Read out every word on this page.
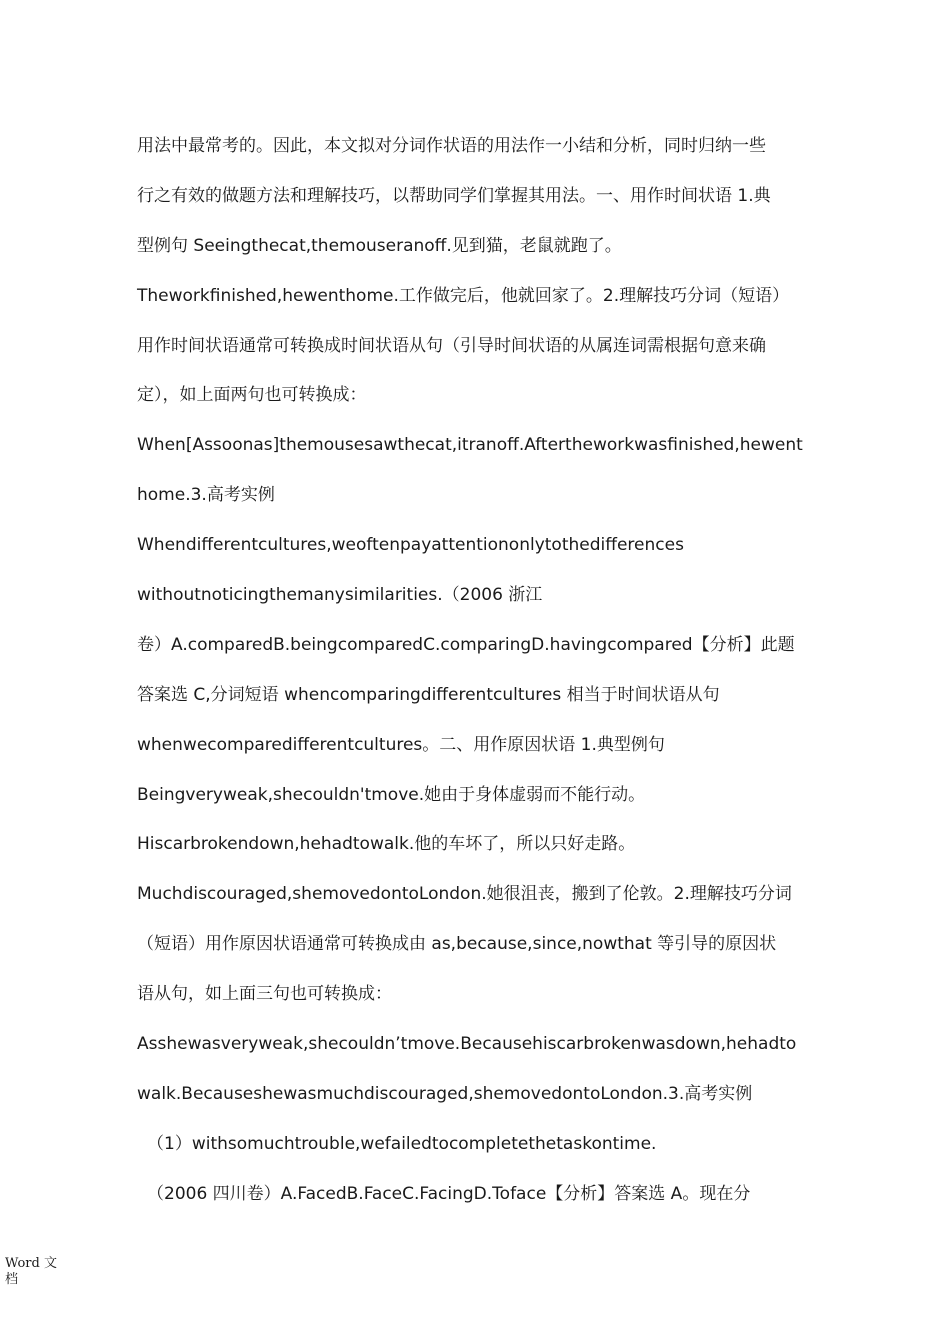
用法中最常考的。因此，本文拟对分词作状语的用法作一小结和分析，同时归纳一些
行之有效的做题方法和理解技巧，以帮助同学们掌握其用法。一、用作时间状语 1.典
型例句 Seeingthecat,themouseranoff.见到猫，老鼠就跑了。
Theworkfinished,hewenthome.工作做完后，他就回家了。2.理解技巧分词（短语）
用作时间状语通常可转换成时间状语从句（引导时间状语的从属连词需根据句意来确
定），如上面两句也可转换成：
When[Assoonas]themousesawthecat,itranoff.Aftertheworkwasfinished,hewent
home.3.高考实例
Whendifferentcultures,weoftenpayattentiononlytothedifferences
withoutnoticingthemanysimilarities.（2006 浙江
卷）A.comparedB.beingcomparedC.comparingD.havingcompared【分析】此题
答案选 C,分词短语 whencomparingdifferentcultures 相当于时间状语从句
whenwecomparedifferentcultures。二、用作原因状语 1.典型例句
Beingveryweak,shecouldn'tmove.她由于身体虚弱而不能行动。
Hiscarbrokendown,hehadtowalk.他的车坏了，所以只好走路。
Muchdiscouraged,shemovedontoLondon.她很沮丧，搬到了伦敦。2.理解技巧分词
（短语）用作原因状语通常可转换成由 as,because,since,nowthat 等引导的原因状
语从句，如上面三句也可转换成：
Asshewasveryweak,shecouldn’tmove.Becausehiscarbrokenwasdown,hehadto
walk.Becauseshewasmuchdiscouraged,shemovedontoLondon.3.高考实例
（1）withsomuchtrouble,wefailedtocompletethetaskontime.
（2006 四川卷）A.FacedB.FaceC.FacingD.Toface【分析】答案选 A。现在分
Word 文档
